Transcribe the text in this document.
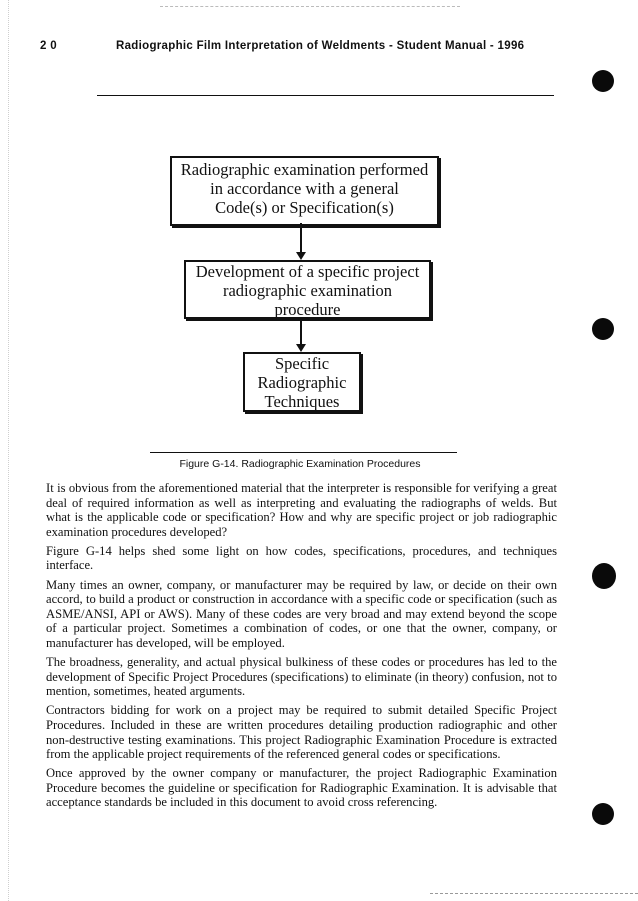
2 0	Radiographic Film Interpretation of Weldments - Student Manual - 1996
Radiographic examination performed
in accordance with a general
Code(s) or Specification(s)
Development of a specific project
radiographic examination
procedure
Specific
Radiographic
Techniques
Figure G-14. Radiographic Examination Procedures

It is obvious from the aforementioned material that the interpreter is responsible for verifying a great deal of required information as well as interpreting and evaluating the radiographs of welds. But what is the applicable code or specification? How and why are specific project or job radiographic examination procedures developed?

Figure G-14 helps shed some light on how codes, specifications, procedures, and techniques interface.

Many times an owner, company, or manufacturer may be required by law, or decide on their own accord, to build a product or construction in accordance with a specific code or specification (such as ASME/ANSI, API or AWS). Many of these codes are very broad and may extend beyond the scope of a particular project. Sometimes a combination of codes, or one that the owner, company, or manufacturer has developed, will be employed.

The broadness, generality, and actual physical bulkiness of these codes or procedures has led to the development of Specific Project Procedures (specifications) to eliminate (in theory) confusion, not to mention, sometimes, heated arguments.

Contractors bidding for work on a project may be required to submit detailed Specific Project Procedures. Included in these are written procedures detailing production radiographic and other non-destructive testing examinations. This project Radiographic Examination Procedure is extracted from the applicable project requirements of the referenced general codes or specifications.

Once approved by the owner company or manufacturer, the project Radiographic Examination Procedure becomes the guideline or specification for Radiographic Examination. It is advisable that acceptance standards be included in this document to avoid cross referencing.
